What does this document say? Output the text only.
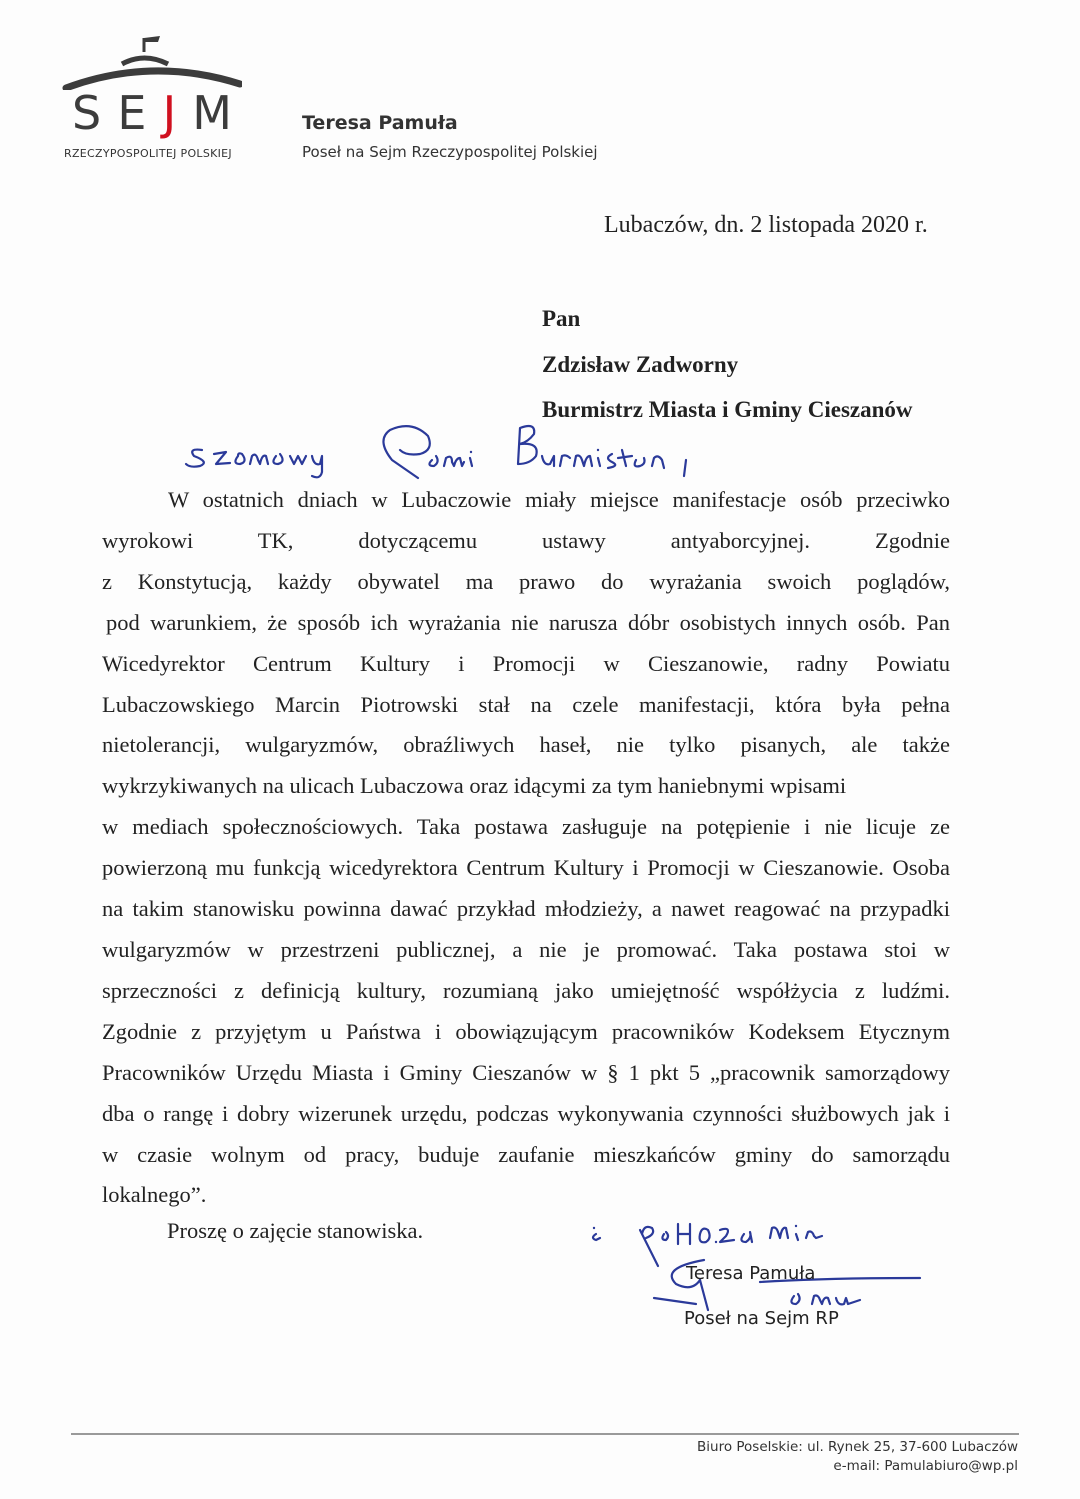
S E J M
RZECZYPOSPOLITEJ POLSKIEJ
Teresa Pamuła
Poseł na Sejm Rzeczypospolitej Polskiej
Lubaczów, dn. 2 listopada 2020 r.
Pan
Zdzisław Zadworny
Burmistrz Miasta i Gminy Cieszanów
W ostatnich dniach w Lubaczowie miały miejsce manifestacje osób przeciwko
wyrokowi TK, dotyczącemu ustawy antyaborcyjnej. Zgodnie
z Konstytucją, każdy obywatel ma prawo do wyrażania swoich poglądów,
pod warunkiem, że sposób ich wyrażania nie narusza dóbr osobistych innych osób. Pan
Wicedyrektor Centrum Kultury i Promocji w Cieszanowie, radny Powiatu
Lubaczowskiego Marcin Piotrowski stał na czele manifestacji, która była pełna
nietolerancji, wulgaryzmów, obraźliwych haseł, nie tylko pisanych, ale także
wykrzykiwanych na ulicach Lubaczowa oraz idącymi za tym haniebnymi wpisami
w mediach społecznościowych. Taka postawa zasługuje na potępienie i nie licuje ze
powierzoną mu funkcją wicedyrektora Centrum Kultury i Promocji w Cieszanowie. Osoba
na takim stanowisku powinna dawać przykład młodzieży, a nawet reagować na przypadki
wulgaryzmów w przestrzeni publicznej, a nie je promować. Taka postawa stoi w
sprzeczności z definicją kultury, rozumianą jako umiejętność współżycia z ludźmi.
Zgodnie z przyjętym u Państwa i obowiązującym pracowników Kodeksem Etycznym
Pracowników Urzędu Miasta i Gminy Cieszanów w § 1 pkt 5 „pracownik samorządowy
dba o rangę i dobry wizerunek urzędu, podczas wykonywania czynności służbowych jak i
w czasie wolnym od pracy, buduje zaufanie mieszkańców gminy do samorządu
lokalnego”.
Proszę o zajęcie stanowiska.
Teresa Pamuła
Poseł na Sejm RP
Biuro Poselskie: ul. Rynek 25, 37-600 Lubaczów
e-mail: Pamulabiuro@wp.pl
